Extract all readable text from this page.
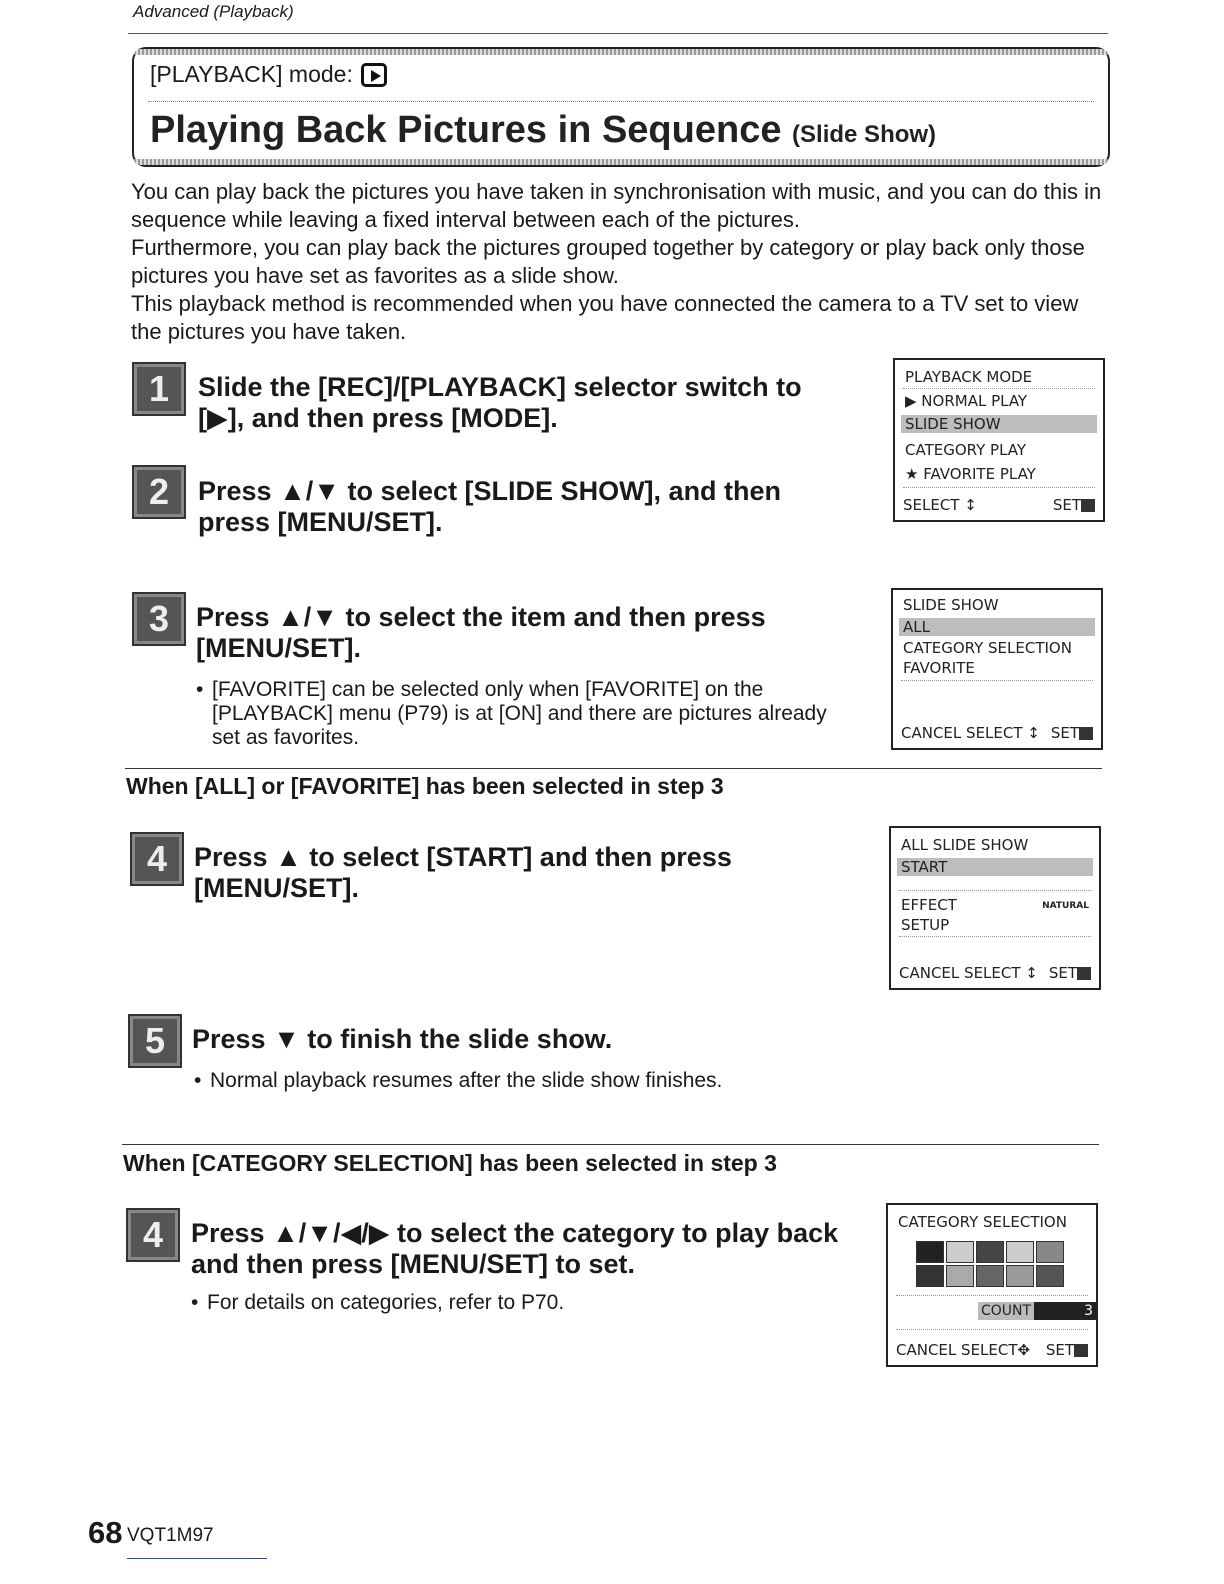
Advanced (Playback)
[PLAYBACK] mode:
Playing Back Pictures in Sequence (Slide Show)

You can play back the pictures you have taken in synchronisation with music, and you can do this in sequence while leaving a fixed interval between each of the pictures.

Furthermore, you can play back the pictures grouped together by category or play back only those pictures you have set as favorites as a slide show.

This playback method is recommended when you have connected the camera to a TV set to view the pictures you have taken.

1	Slide the [REC]/[PLAYBACK] selector switch to [▶], and then press [MODE].
2	Press ▲/▼ to select [SLIDE SHOW], and then press [MENU/SET].
PLAYBACK MODE
▶ NORMAL PLAY
SLIDE SHOW
CATEGORY PLAY
★ FAVORITE PLAY
SELECT ↕	SET
3 Press ▲/▼ to select the item and then press [MENU/SET].
• [FAVORITE] can be selected only when [FAVORITE] on the [PLAYBACK] menu (P79) is at [ON] and there are pictures already set as favorites.
SLIDE SHOW
ALL
CATEGORY SELECTION
FAVORITE
CANCEL SELECT ↕ SET
When [ALL] or [FAVORITE] has been selected in step 3
4 Press ▲ to select [START] and then press [MENU/SET].
ALL SLIDE SHOW
START
EFFECT	NATURAL
SETUP
CANCEL SELECT ↕ SET
5 Press ▼ to finish the slide show.
• Normal playback resumes after the slide show finishes.
When [CATEGORY SELECTION] has been selected in step 3
4	Press ▲/▼/◀/▶ to select the category to play back and then press [MENU/SET] to set.
• For details on categories, refer to P70.
CATEGORY SELECTION
COUNT	3
CANCEL SELECT✥ SET
68 VQT1M97
